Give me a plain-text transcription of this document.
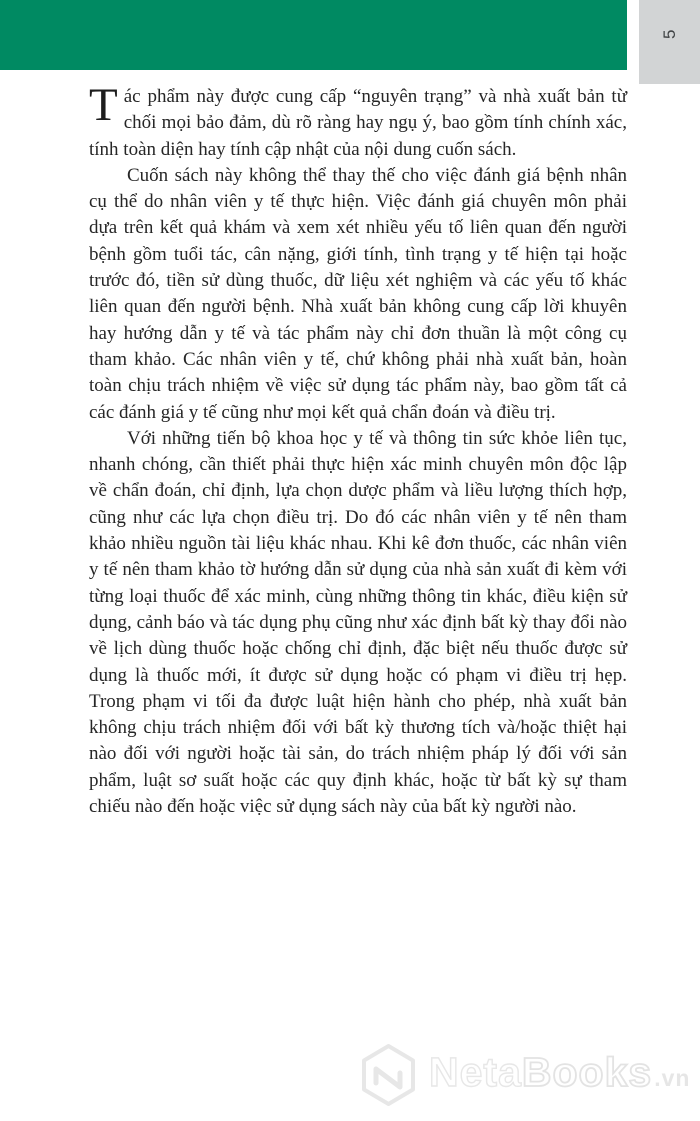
5

Tác phẩm này được cung cấp “nguyên trạng” và nhà xuất bản từ chối mọi bảo đảm, dù rõ ràng hay ngụ ý, bao gồm tính chính xác, tính toàn diện hay tính cập nhật của nội dung cuốn sách.

Cuốn sách này không thể thay thế cho việc đánh giá bệnh nhân cụ thể do nhân viên y tế thực hiện. Việc đánh giá chuyên môn phải dựa trên kết quả khám và xem xét nhiều yếu tố liên quan đến người bệnh gồm tuổi tác, cân nặng, giới tính, tình trạng y tế hiện tại hoặc trước đó, tiền sử dùng thuốc, dữ liệu xét nghiệm và các yếu tố khác liên quan đến người bệnh. Nhà xuất bản không cung cấp lời khuyên hay hướng dẫn y tế và tác phẩm này chỉ đơn thuần là một công cụ tham khảo. Các nhân viên y tế, chứ không phải nhà xuất bản, hoàn toàn chịu trách nhiệm về việc sử dụng tác phẩm này, bao gồm tất cả các đánh giá y tế cũng như mọi kết quả chẩn đoán và điều trị.

Với những tiến bộ khoa học y tế và thông tin sức khỏe liên tục, nhanh chóng, cần thiết phải thực hiện xác minh chuyên môn độc lập về chẩn đoán, chỉ định, lựa chọn dược phẩm và liều lượng thích hợp, cũng như các lựa chọn điều trị. Do đó các nhân viên y tế nên tham khảo nhiều nguồn tài liệu khác nhau. Khi kê đơn thuốc, các nhân viên y tế nên tham khảo tờ hướng dẫn sử dụng của nhà sản xuất đi kèm với từng loại thuốc để xác minh, cùng những thông tin khác, điều kiện sử dụng, cảnh báo và tác dụng phụ cũng như xác định bất kỳ thay đổi nào về lịch dùng thuốc hoặc chống chỉ định, đặc biệt nếu thuốc được sử dụng là thuốc mới, ít được sử dụng hoặc có phạm vi điều trị hẹp. Trong phạm vi tối đa được luật hiện hành cho phép, nhà xuất bản không chịu trách nhiệm đối với bất kỳ thương tích và/hoặc thiệt hại nào đối với người hoặc tài sản, do trách nhiệm pháp lý đối với sản phẩm, luật sơ suất hoặc các quy định khác, hoặc từ bất kỳ sự tham chiếu nào đến hoặc việc sử dụng sách này của bất kỳ người nào.

NetaBooks.vn
